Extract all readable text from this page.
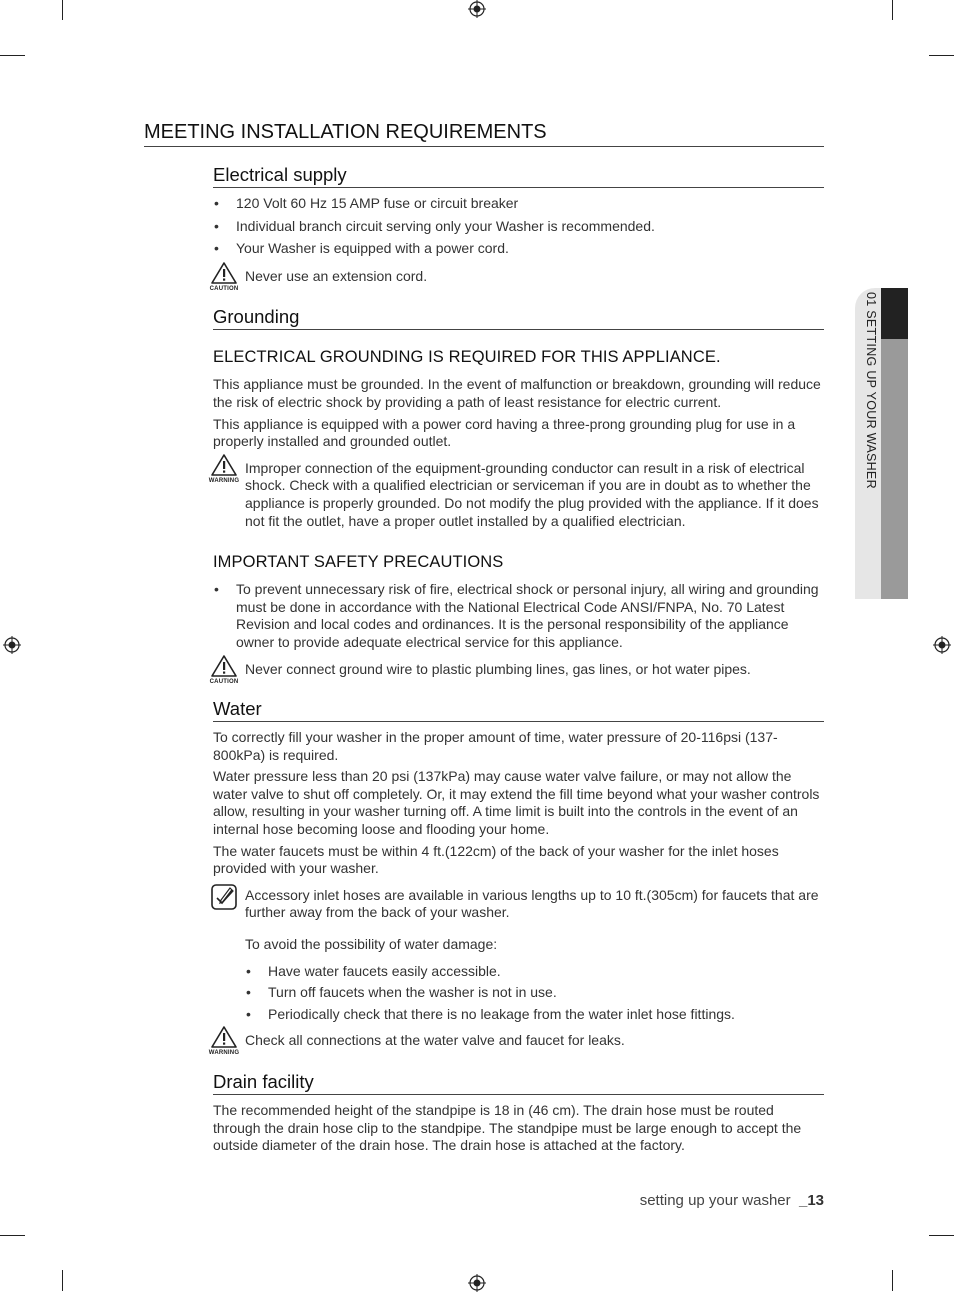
01 SETTING UP YOUR WASHER
MEETING INSTALLATION REQUIREMENTS
Electrical supply
• 120 Volt 60 Hz 15 AMP fuse or circuit breaker
• Individual branch circuit serving only your Washer is recommended.
• Your Washer is equipped with a power cord.
CAUTION

Never use an extension cord.

Grounding
ELECTRICAL GROUNDING IS REQUIRED FOR THIS APPLIANCE.

This appliance must be grounded. In the event of malfunction or breakdown, grounding will reduce the risk of electric shock by providing a path of least resistance for electric current.

This appliance is equipped with a power cord having a three-prong grounding plug for use in a properly installed and grounded outlet.

WARNING

Improper connection of the equipment-grounding conductor can result in a risk of electrical shock. Check with a qualified electrician or serviceman if you are in doubt as to whether the appliance is properly grounded. Do not modify the plug provided with the appliance. If it does not fit the outlet, have a proper outlet installed by a qualified electrician.

IMPORTANT SAFETY PRECAUTIONS
• To prevent unnecessary risk of fire, electrical shock or personal injury, all wiring and grounding must be done in accordance with the National Electrical Code ANSI/FNPA, No. 70 Latest Revision and local codes and ordinances. It is the personal responsibility of the appliance owner to provide adequate electrical service for this appliance.
CAUTION

Never connect ground wire to plastic plumbing lines, gas lines, or hot water pipes.

Water

To correctly fill your washer in the proper amount of time, water pressure of 20-116psi (137-800kPa) is required.

Water pressure less than 20 psi (137kPa) may cause water valve failure, or may not allow the water valve to shut off completely. Or, it may extend the fill time beyond what your washer controls allow, resulting in your washer turning off. A time limit is built into the controls in the event of an internal hose becoming loose and flooding your home.

The water faucets must be within 4 ft.(122cm) of the back of your washer for the inlet hoses provided with your washer.

Accessory inlet hoses are available in various lengths up to 10 ft.(305cm) for faucets that are further away from the back of your washer.

To avoid the possibility of water damage:

• Have water faucets easily accessible.
• Turn off faucets when the washer is not in use.
• Periodically check that there is no leakage from the water inlet hose fittings.
WARNING

Check all connections at the water valve and faucet for leaks.

Drain facility

The recommended height of the standpipe is 18 in (46 cm). The drain hose must be routed through the drain hose clip to the standpipe. The standpipe must be large enough to accept the outside diameter of the drain hose. The drain hose is attached at the factory.

setting up your washer _13
